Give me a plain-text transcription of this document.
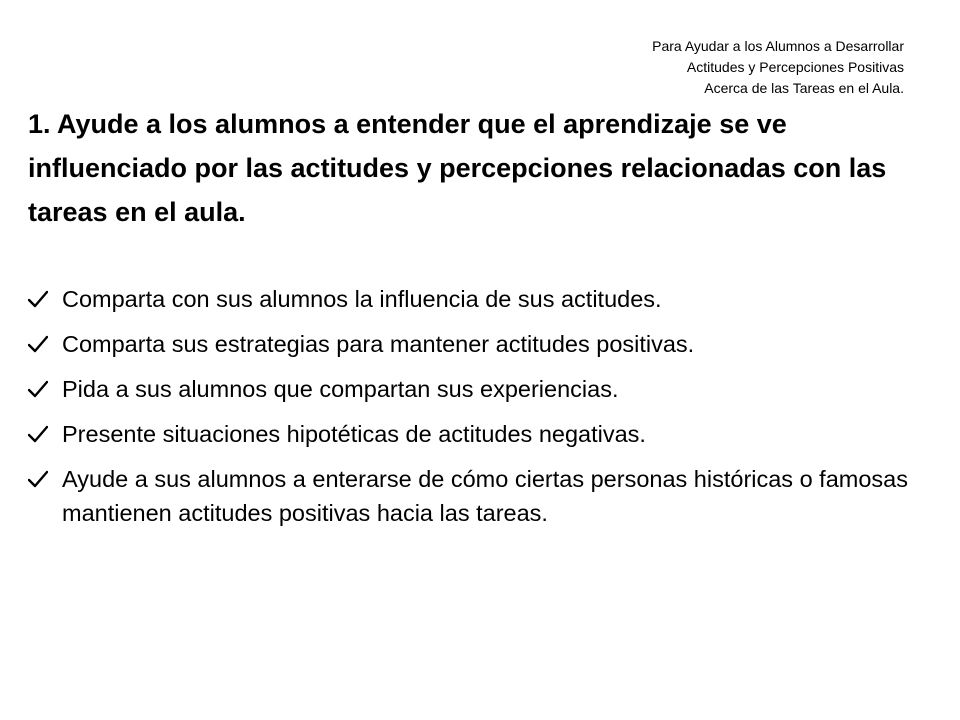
Para Ayudar a los Alumnos a Desarrollar
Actitudes y Percepciones Positivas
Acerca de las Tareas en el Aula.
1. Ayude a los alumnos a entender que el aprendizaje se ve influenciado por las actitudes y percepciones relacionadas con las tareas en el aula.
Comparta con sus alumnos la influencia de sus actitudes.
Comparta sus estrategias para mantener actitudes positivas.
Pida a sus alumnos que compartan sus experiencias.
Presente situaciones hipotéticas de actitudes negativas.
Ayude a sus alumnos a enterarse de cómo ciertas personas históricas o famosas mantienen actitudes positivas hacia las tareas.
